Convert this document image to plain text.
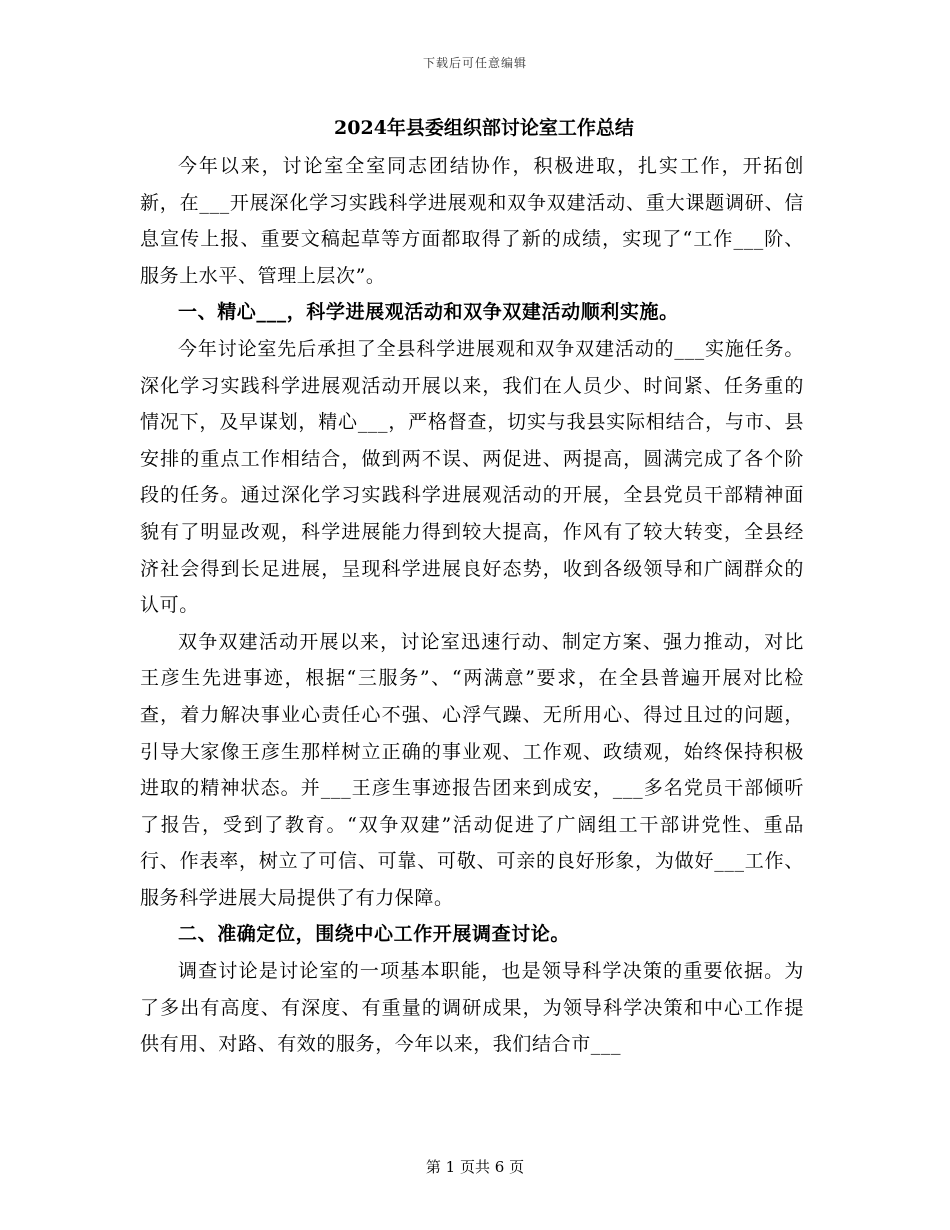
下载后可任意编辑
2024年县委组织部讨论室工作总结

今年以来，讨论室全室同志团结协作，积极进取，扎实工作，开拓创新，在___开展深化学习实践科学进展观和双争双建活动、重大课题调研、信息宣传上报、重要文稿起草等方面都取得了新的成绩，实现了“工作___阶、服务上水平、管理上层次”。

一、精心___，科学进展观活动和双争双建活动顺利实施。

今年讨论室先后承担了全县科学进展观和双争双建活动的___实施任务。深化学习实践科学进展观活动开展以来，我们在人员少、时间紧、任务重的情况下，及早谋划，精心___，严格督查，切实与我县实际相结合，与市、县安排的重点工作相结合，做到两不误、两促进、两提高，圆满完成了各个阶段的任务。通过深化学习实践科学进展观活动的开展，全县党员干部精神面貌有了明显改观，科学进展能力得到较大提高，作风有了较大转变，全县经济社会得到长足进展，呈现科学进展良好态势，收到各级领导和广阔群众的认可。

双争双建活动开展以来，讨论室迅速行动、制定方案、强力推动，对比王彦生先进事迹，根据“三服务”、“两满意”要求，在全县普遍开展对比检查，着力解决事业心责任心不强、心浮气躁、无所用心、得过且过的问题，引导大家像王彦生那样树立正确的事业观、工作观、政绩观，始终保持积极进取的精神状态。并___王彦生事迹报告团来到成安，___多名党员干部倾听了报告，受到了教育。“双争双建”活动促进了广阔组工干部讲党性、重品行、作表率，树立了可信、可靠、可敬、可亲的良好形象，为做好___工作、服务科学进展大局提供了有力保障。

二、准确定位，围绕中心工作开展调查讨论。

调查讨论是讨论室的一项基本职能，也是领导科学决策的重要依据。为了多出有高度、有深度、有重量的调研成果，为领导科学决策和中心工作提供有用、对路、有效的服务，今年以来，我们结合市___

第 1 页共 6 页
